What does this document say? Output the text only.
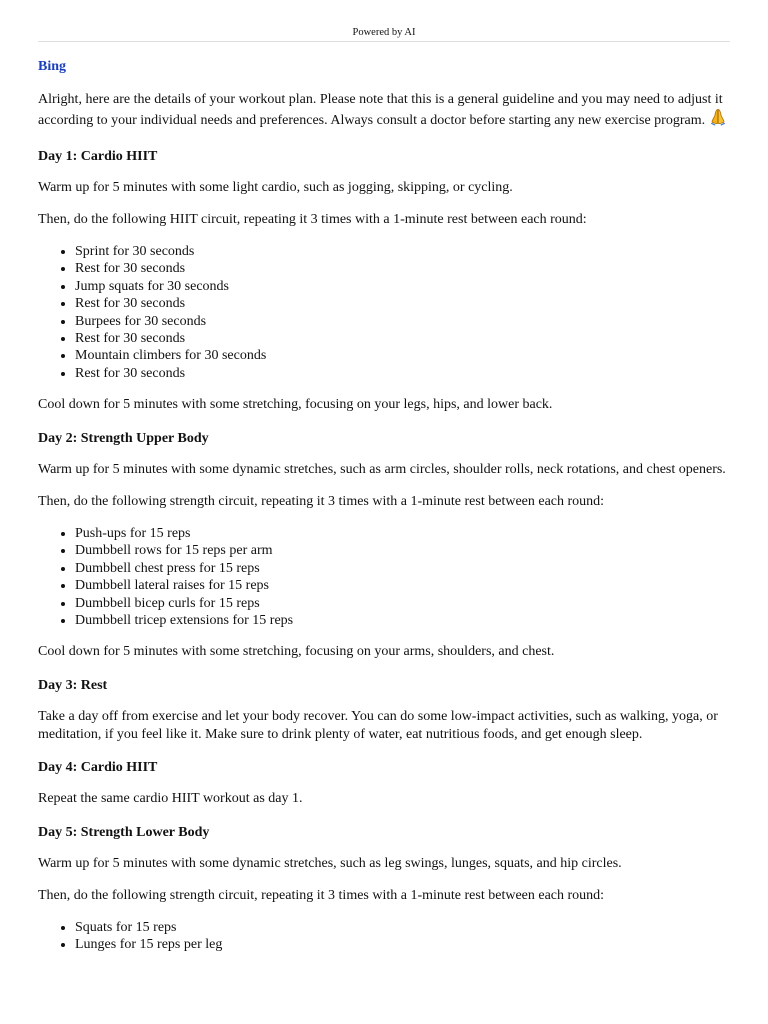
Powered by AI
Bing

Alright, here are the details of your workout plan. Please note that this is a general guideline and you may need to adjust it according to your individual needs and preferences. Always consult a doctor before starting any new exercise program.

Day 1: Cardio HIIT

Warm up for 5 minutes with some light cardio, such as jogging, skipping, or cycling.

Then, do the following HIIT circuit, repeating it 3 times with a 1-minute rest between each round:

• Sprint for 30 seconds
• Rest for 30 seconds
• Jump squats for 30 seconds
• Rest for 30 seconds
• Burpees for 30 seconds
• Rest for 30 seconds
• Mountain climbers for 30 seconds
• Rest for 30 seconds

Cool down for 5 minutes with some stretching, focusing on your legs, hips, and lower back.

Day 2: Strength Upper Body

Warm up for 5 minutes with some dynamic stretches, such as arm circles, shoulder rolls, neck rotations, and chest openers.

Then, do the following strength circuit, repeating it 3 times with a 1-minute rest between each round:

• Push-ups for 15 reps
• Dumbbell rows for 15 reps per arm
• Dumbbell chest press for 15 reps
• Dumbbell lateral raises for 15 reps
• Dumbbell bicep curls for 15 reps
• Dumbbell tricep extensions for 15 reps

Cool down for 5 minutes with some stretching, focusing on your arms, shoulders, and chest.

Day 3: Rest

Take a day off from exercise and let your body recover. You can do some low-impact activities, such as walking, yoga, or meditation, if you feel like it. Make sure to drink plenty of water, eat nutritious foods, and get enough sleep.

Day 4: Cardio HIIT

Repeat the same cardio HIIT workout as day 1.

Day 5: Strength Lower Body

Warm up for 5 minutes with some dynamic stretches, such as leg swings, lunges, squats, and hip circles.

Then, do the following strength circuit, repeating it 3 times with a 1-minute rest between each round:

• Squats for 15 reps
• Lunges for 15 reps per leg
